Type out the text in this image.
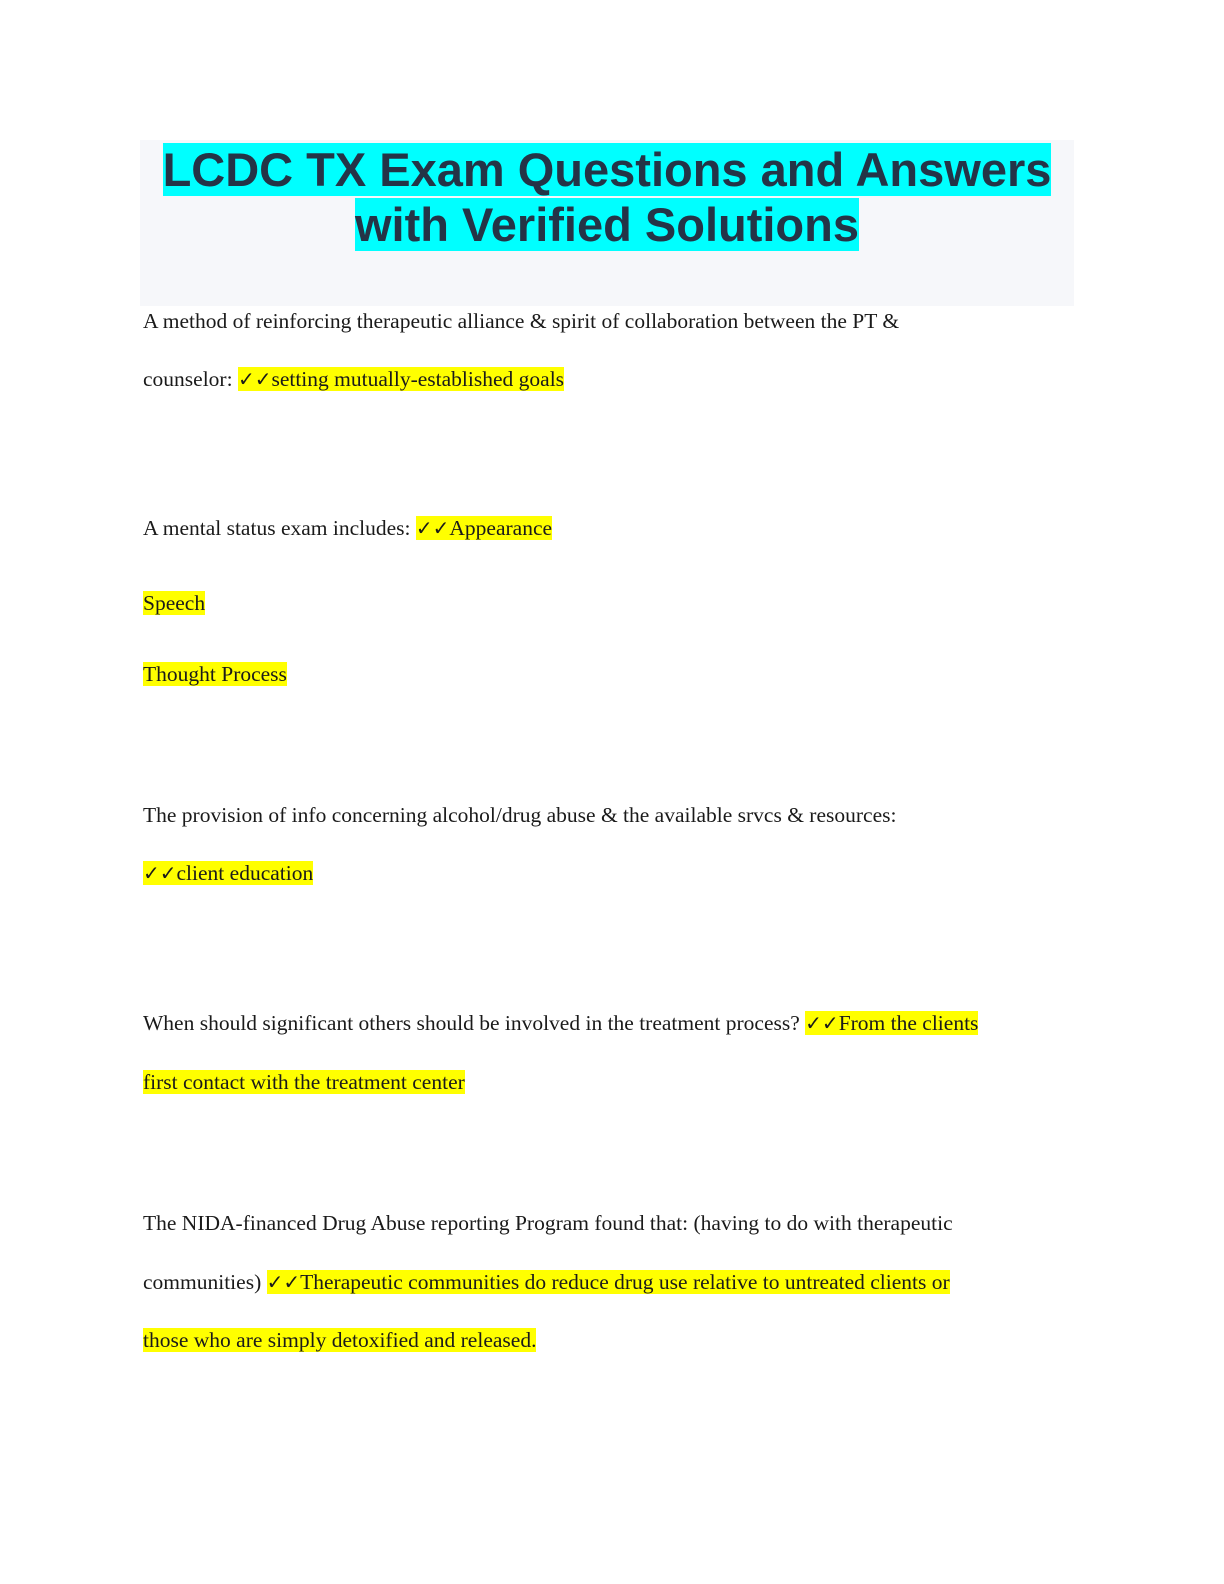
LCDC TX Exam Questions and Answers
with Verified Solutions
A method of reinforcing therapeutic alliance & spirit of collaboration between the PT &
counselor: ✓✓setting mutually-established goals
A mental status exam includes: ✓✓Appearance
Speech
Thought Process
The provision of info concerning alcohol/drug abuse & the available srvcs & resources:
✓✓client education
When should significant others should be involved in the treatment process? ✓✓From the clients
first contact with the treatment center
The NIDA-financed Drug Abuse reporting Program found that: (having to do with therapeutic
communities) ✓✓Therapeutic communities do reduce drug use relative to untreated clients or
those who are simply detoxified and released.
